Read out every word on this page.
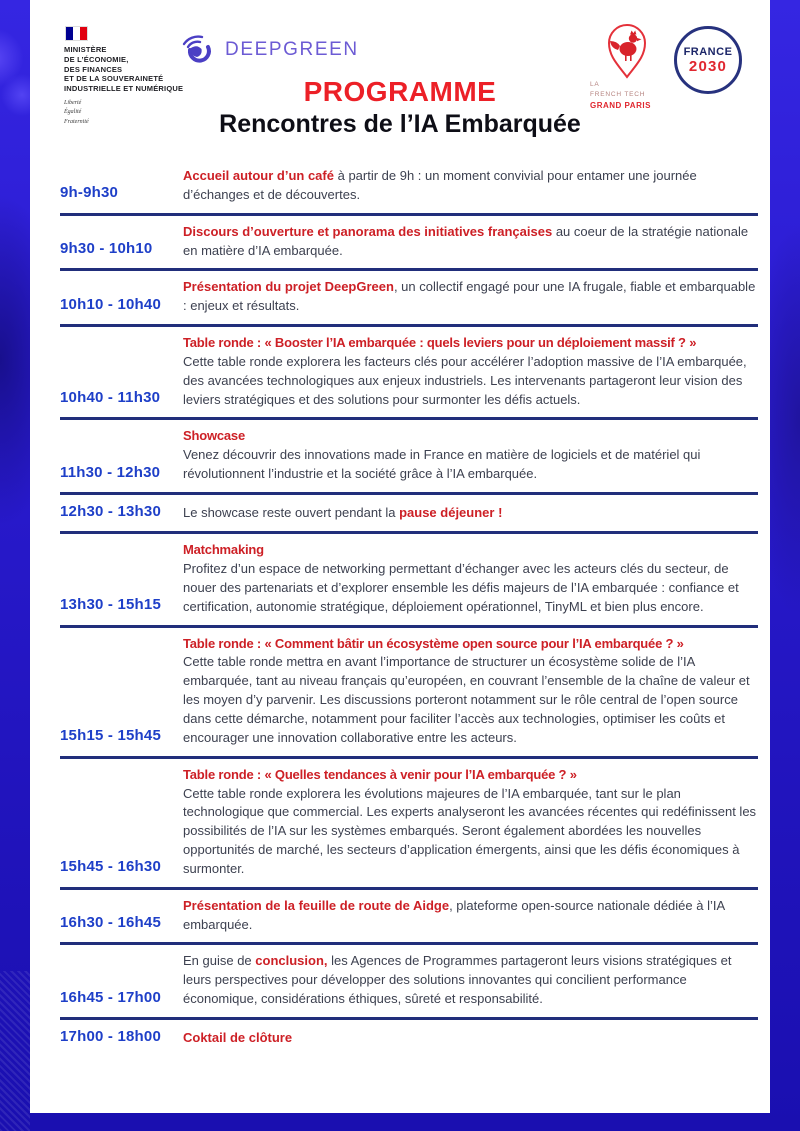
MINISTÈRE
DE L’ÉCONOMIE,
DES FINANCES
ET DE LA SOUVERAINETÉ
INDUSTRIELLE ET NUMÉRIQUE
Liberté
Égalité
Fraternité
DEEPGREEN
LA
FRENCH TECH
GRAND PARIS
FRANCE
2030
PROGRAMME
Rencontres de l’IA Embarquée
9h-9h30
Accueil autour d’un café à partir de 9h : un moment convivial pour entamer une journée d’échanges et de découvertes.
9h30 - 10h10
Discours d’ouverture et panorama des initiatives françaises au coeur de la stratégie nationale en matière d’IA embarquée.
10h10 - 10h40
Présentation du projet DeepGreen, un collectif engagé pour une IA frugale, fiable et embarquable : enjeux et résultats.
10h40 - 11h30
Table ronde : « Booster l’IA embarquée : quels leviers pour un déploiement massif ? »
Cette table ronde explorera les facteurs clés pour accélérer l’adoption massive de l’IA embarquée, des avancées technologiques aux enjeux industriels. Les intervenants partageront leur vision des leviers stratégiques et des solutions pour surmonter les défis actuels.
11h30 - 12h30
Showcase
Venez découvrir des innovations made in France en matière de logiciels et de matériel qui révolutionnent l’industrie et la société grâce à l’IA embarquée.
12h30 - 13h30	Le showcase reste ouvert pendant la pause déjeuner !
13h30 - 15h15
Matchmaking
Profitez d’un espace de networking permettant d’échanger avec les acteurs clés du secteur, de nouer des partenariats et d’explorer ensemble les défis majeurs de l’IA embarquée : confiance et certification, autonomie stratégique, déploiement opérationnel, TinyML et bien plus encore.
15h15 - 15h45
Table ronde : « Comment bâtir un écosystème open source pour l’IA embarquée ? »
Cette table ronde mettra en avant l’importance de structurer un écosystème solide de l’IA embarquée, tant au niveau français qu’européen, en couvrant l’ensemble de la chaîne de valeur et les moyen d’y parvenir. Les discussions porteront notamment sur le rôle central de l’open source dans cette démarche, notamment pour faciliter l’accès aux technologies, optimiser les coûts et encourager une innovation collaborative entre les acteurs.
15h45 - 16h30
Table ronde : « Quelles tendances à venir pour l’IA embarquée ? »
Cette table ronde explorera les évolutions majeures de l’IA embarquée, tant sur le plan technologique que commercial. Les experts analyseront les avancées récentes qui redéfinissent les possibilités de l’IA sur les systèmes embarqués. Seront également abordées les nouvelles opportunités de marché, les secteurs d’application émergents, ainsi que les défis économiques à surmonter.
16h30 - 16h45
Présentation de la feuille de route de Aidge, plateforme open-source nationale dédiée à l’IA embarquée.
16h45 - 17h00
En guise de conclusion, les Agences de Programmes partageront leurs visions stratégiques et leurs perspectives pour développer des solutions innovantes qui concilient performance économique, considérations éthiques, sûreté et responsabilité.
17h00 - 18h00	Coktail de clôture
